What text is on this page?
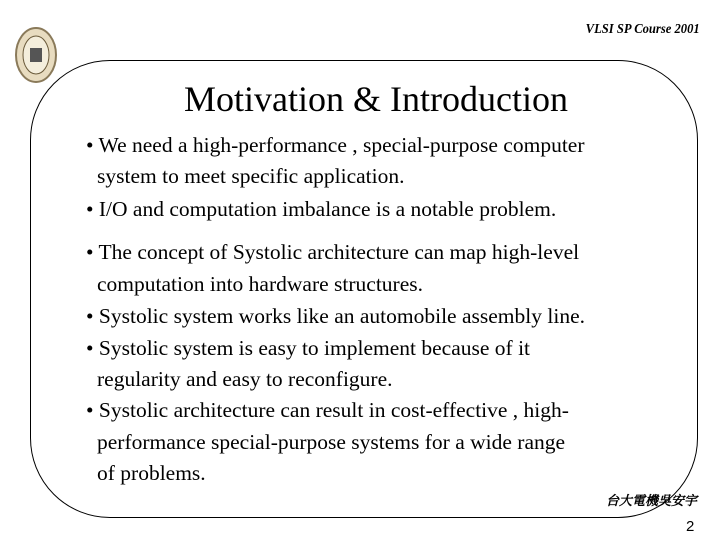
VLSI SP Course 2001
Motivation & Introduction
• We need a high-performance , special-purpose computer
system to meet specific application.
• I/O and computation imbalance is a notable problem.
• The concept of Systolic architecture can map high-level
computation into hardware structures.
• Systolic system works like an automobile assembly line.
• Systolic system is easy to implement because of it
regularity and easy to reconfigure.
• Systolic architecture can result in cost-effective , high-
performance special-purpose systems for a wide range
of problems.
台大電機吳安宇
2
